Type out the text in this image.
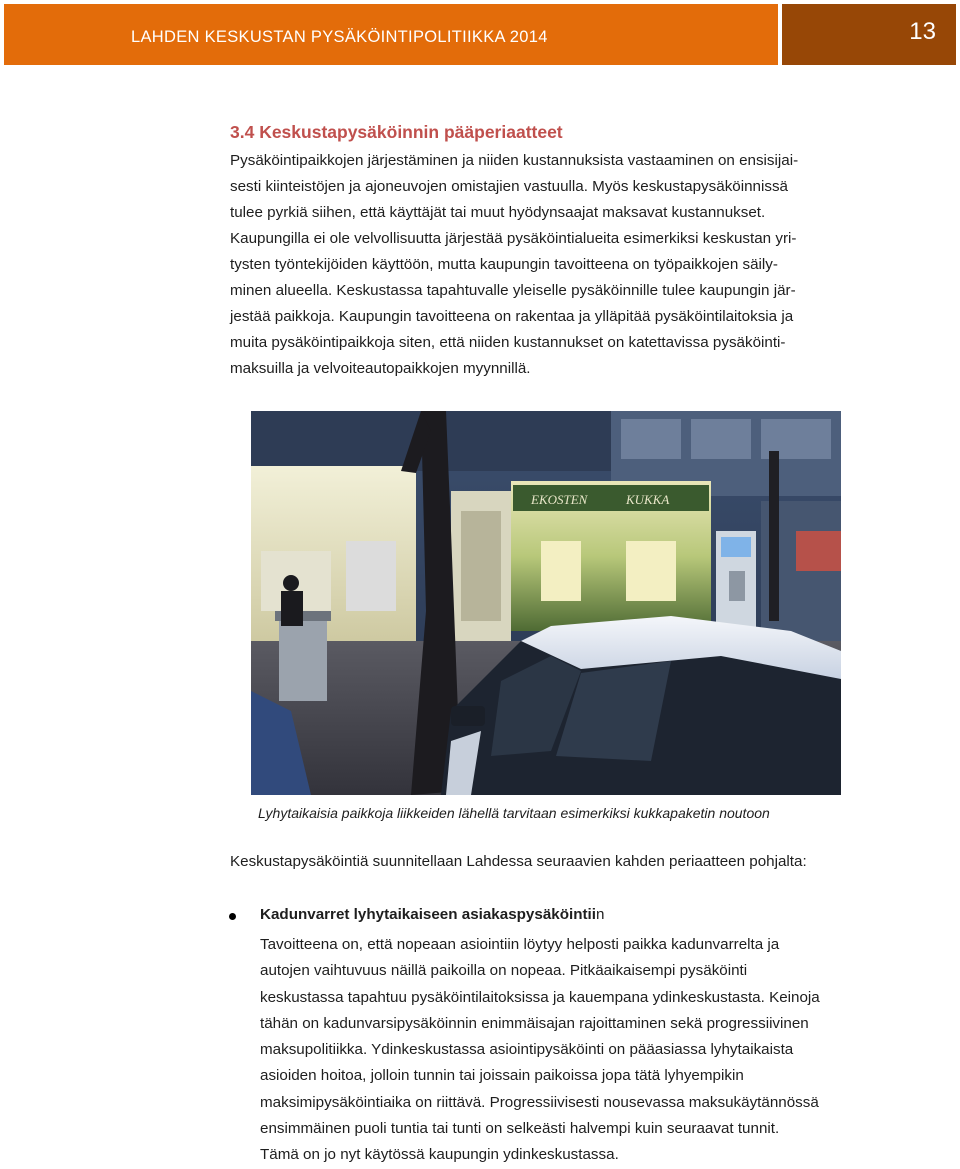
LAHDEN KESKUSTAN PYSÄKÖINTIPOLITIIKKA 2014	13
3.4 Keskustapysäköinnin pääperiaatteet
Pysäköintipaikkojen järjestäminen ja niiden kustannuksista vastaaminen on ensisijai-
sesti kiinteistöjen ja ajoneuvojen omistajien vastuulla. Myös keskustapysäköinnissä
tulee pyrkiä siihen, että käyttäjät tai muut hyödynsaajat maksavat kustannukset.
Kaupungilla ei ole velvollisuutta järjestää pysäköintialueita esimerkiksi keskustan yri-
tysten työntekijöiden käyttöön, mutta kaupungin tavoitteena on työpaikkojen säily-
minen alueella. Keskustassa tapahtuvalle yleiselle pysäköinnille tulee kaupungin jär-
jestää paikkoja. Kaupungin tavoitteena on rakentaa ja ylläpitää pysäköintilaitoksia ja
muita pysäköintipaikkoja siten, että niiden kustannukset on katettavissa pysäköinti-
maksuilla ja velvoiteautopaikkojen myynnillä.
EKOSTEN	KUKKA
Lyhytaikaisia paikkoja liikkeiden lähellä tarvitaan esimerkiksi kukkapaketin noutoon
Keskustapysäköintiä suunnitellaan Lahdessa seuraavien kahden periaatteen pohjalta:
Kadunvarret lyhytaikaiseen asiakaspysäköintiin
Tavoitteena on, että nopeaan asiointiin löytyy helposti paikka kadunvarrelta ja
autojen vaihtuvuus näillä paikoilla on nopeaa. Pitkäaikaisempi pysäköinti
keskustassa tapahtuu pysäköintilaitoksissa ja kauempana ydinkeskustasta. Keinoja
tähän on kadunvarsipysäköinnin enimmäisajan rajoittaminen sekä progressiivinen
maksupolitiikka. Ydinkeskustassa asiointipysäköinti on pääasiassa lyhytaikaista
asioiden hoitoa, jolloin tunnin tai joissain paikoissa jopa tätä lyhyempikin
maksimipysäköintiaika on riittävä. Progressiivisesti nousevassa maksukäytännössä
ensimmäinen puoli tuntia tai tunti on selkeästi halvempi kuin seuraavat tunnit.
Tämä on jo nyt käytössä kaupungin ydinkeskustassa.
